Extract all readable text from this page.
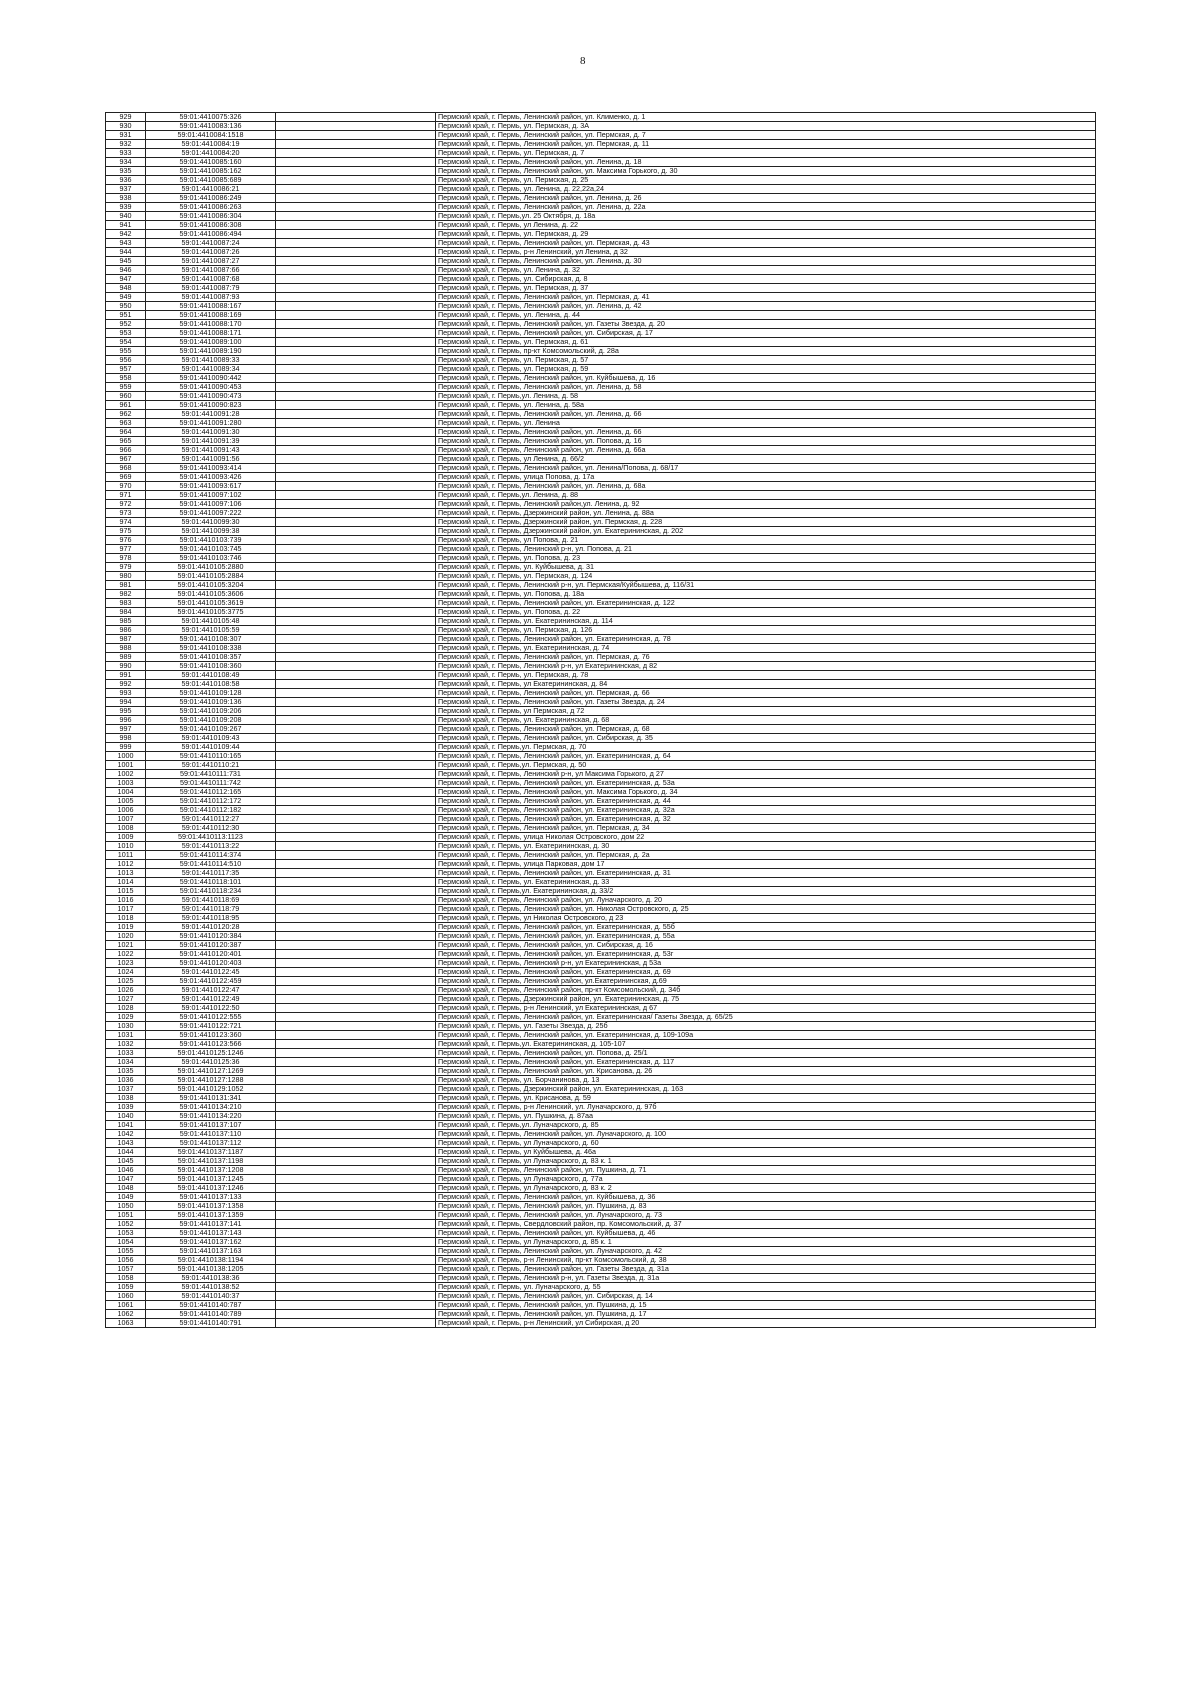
8
929	59:01:4410075:326		Пермский край, г. Пермь, Ленинский район, ул. Клименко, д. 1
930	59:01:4410083:136		Пермский край, г. Пермь, ул. Пермская, д. 3А
931	59:01:4410084:1518		Пермский край, г. Пермь, Ленинский район, ул. Пермская, д. 7
932	59:01:4410084:19		Пермский край, г. Пермь, Ленинский район, ул. Пермская, д. 11
933	59:01:4410084:20		Пермский край, г. Пермь, ул. Пермская, д. 7
934	59:01:4410085:160		Пермский край, г. Пермь, Ленинский район, ул. Ленина, д. 18
935	59:01:4410085:162		Пермский край, г. Пермь, Ленинский район, ул. Максима Горького, д. 30
936	59:01:4410085:689		Пермский край, г. Пермь, ул. Пермская, д. 25
937	59:01:4410086:21		Пермский край, г. Пермь, ул. Ленина, д. 22,22а,24
938	59:01:4410086:249		Пермский край, г. Пермь, Ленинский район, ул. Ленина, д. 26
939	59:01:4410086:263		Пермский край, г. Пермь, Ленинский район, ул. Ленина, д. 22а
940	59:01:4410086:304		Пермский край, г. Пермь,ул. 25 Октября, д. 18а
941	59:01:4410086:308		Пермский край, г. Пермь, ул Ленина, д. 22
942	59:01:4410086:494		Пермский край, г. Пермь, ул. Пермская, д. 29
943	59:01:4410087:24		Пермский край, г. Пермь, Ленинский район, ул. Пермская, д. 43
944	59:01:4410087:26		Пермский край, г. Пермь, р-н Ленинский, ул Ленина, д 32
945	59:01:4410087:27		Пермский край, г. Пермь, Ленинский район, ул. Ленина, д. 30
946	59:01:4410087:66		Пермский край, г. Пермь, ул. Ленина, д. 32
947	59:01:4410087:68		Пермский край, г. Пермь, ул. Сибирская, д. 8
948	59:01:4410087:79		Пермский край, г. Пермь, ул. Пермская, д. 37
949	59:01:4410087:93		Пермский край, г. Пермь, Ленинский район, ул. Пермская, д. 41
950	59:01:4410088:167		Пермский край, г. Пермь, Ленинский район, ул. Ленина, д. 42
951	59:01:4410088:169		Пермский край, г. Пермь, ул. Ленина, д. 44
952	59:01:4410088:170		Пермский край, г. Пермь, Ленинский район, ул. Газеты Звезда, д. 20
953	59:01:4410088:171		Пермский край, г. Пермь, Ленинский район, ул. Сибирская, д. 17
954	59:01:4410089:100		Пермский край, г. Пермь, ул. Пермская, д. 61
955	59:01:4410089:190		Пермский край, г. Пермь, пр-кт Комсомольский, д. 28а
956	59:01:4410089:33		Пермский край, г. Пермь, ул. Пермская, д. 57
957	59:01:4410089:34		Пермский край, г. Пермь, ул. Пермская, д. 59
958	59:01:4410090:442		Пермский край, г. Пермь, Ленинский район, ул. Куйбышева, д. 16
959	59:01:4410090:453		Пермский край, г. Пермь, Ленинский район, ул. Ленина, д. 58
960	59:01:4410090:473		Пермский край, г. Пермь,ул. Ленина, д. 58
961	59:01:4410090:823		Пермский край, г. Пермь, ул. Ленина, д. 58а
962	59:01:4410091:28		Пермский край, г. Пермь, Ленинский район, ул. Ленина, д. 66
963	59:01:4410091:280		Пермский край, г. Пермь, ул. Ленина
964	59:01:4410091:30		Пермский край, г. Пермь, Ленинский район, ул. Ленина, д. 66
965	59:01:4410091:39		Пермский край, г. Пермь, Ленинский район, ул. Попова, д. 16
966	59:01:4410091:43		Пермский край, г. Пермь, Ленинский район, ул. Ленина, д. 66а
967	59:01:4410091:56		Пермский край, г. Пермь, ул Ленина, д. 66/2
968	59:01:4410093:414		Пермский край, г. Пермь, Ленинский район, ул. Ленина/Попова, д. 68/17
969	59:01:4410093:426		Пермский край, г. Пермь, улица Попова, д. 17а
970	59:01:4410093:617		Пермский край, г. Пермь, Ленинский район, ул. Ленина, д. 68а
971	59:01:4410097:102		Пермский край, г. Пермь,ул. Ленина, д. 88
972	59:01:4410097:106		Пермский край, г. Пермь, Ленинский район,ул. Ленина, д. 92
973	59:01:4410097:222		Пермский край, г. Пермь, Дзержинский район, ул. Ленина, д. 88а
974	59:01:4410099:30		Пермский край, г. Пермь, Дзержинский район, ул. Пермская, д. 228
975	59:01:4410099:38		Пермский край, г. Пермь, Дзержинский район, ул. Екатерининская, д. 202
976	59:01:4410103:739		Пермский край, г. Пермь, ул Попова, д. 21
977	59:01:4410103:745		Пермский край, г. Пермь, Ленинский р-н, ул. Попова, д. 21
978	59:01:4410103:746		Пермский край, г. Пермь, ул. Попова, д. 23
979	59:01:4410105:2880		Пермский край, г. Пермь, ул. Куйбышева, д. 31
980	59:01:4410105:2884		Пермский край, г. Пермь, ул. Пермская, д. 124
981	59:01:4410105:3204		Пермский край, г. Пермь, Ленинский р-н, ул. Пермская/Куйбышева, д. 116/31
982	59:01:4410105:3606		Пермский край, г. Пермь, ул. Попова, д. 18а
983	59:01:4410105:3619		Пермский край, г. Пермь, Ленинский район, ул. Екатерининская, д. 122
984	59:01:4410105:3775		Пермский край, г. Пермь, ул. Попова, д. 22
985	59:01:4410105:48		Пермский край, г. Пермь, ул. Екатерининская, д. 114
986	59:01:4410105:59		Пермский край, г. Пермь, ул. Пермская, д. 126
987	59:01:4410108:307		Пермский край, г. Пермь, Ленинский район, ул. Екатерининская, д. 78
988	59:01:4410108:338		Пермский край, г. Пермь, ул. Екатерининская, д. 74
989	59:01:4410108:357		Пермский край, г. Пермь, Ленинский район, ул. Пермская, д. 76
990	59:01:4410108:360		Пермский край, г. Пермь, Ленинский р-н, ул Екатерининская, д 82
991	59:01:4410108:49		Пермский край, г. Пермь, ул. Пермская, д. 78
992	59:01:4410108:58		Пермский край, г. Пермь, ул Екатерининская, д. 84
993	59:01:4410109:128		Пермский край, г. Пермь, Ленинский район, ул. Пермская, д. 66
994	59:01:4410109:136		Пермский край, г. Пермь, Ленинский район, ул. Газеты Звезда, д. 24
995	59:01:4410109:206		Пермский край, г. Пермь, ул Пермская, д 72
996	59:01:4410109:208		Пермский край, г. Пермь, ул. Екатерининская, д. 68
997	59:01:4410109:267		Пермский край, г. Пермь, Ленинский район, ул. Пермская, д. 68
998	59:01:4410109:43		Пермский край, г. Пермь, Ленинский район, ул. Сибирская, д. 35
999	59:01:4410109:44		Пермский край, г. Пермь,ул. Пермская, д. 70
1000	59:01:4410110:165		Пермский край, г. Пермь, Ленинский район, ул. Екатерининская, д. 64
1001	59:01:4410110:21		Пермский край, г. Пермь,ул. Пермская, д. 50
1002	59:01:4410111:731		Пермский край, г. Пермь, Ленинский р-н, ул Максима Горького, д 27
1003	59:01:4410111:742		Пермский край, г. Пермь, Ленинский район, ул. Екатерининская, д. 53а
1004	59:01:4410112:165		Пермский край, г. Пермь, Ленинский район, ул. Максима Горького, д. 34
1005	59:01:4410112:172		Пермский край, г. Пермь, Ленинский район, ул. Екатерининская, д. 44
1006	59:01:4410112:182		Пермский край, г. Пермь, Ленинский район, ул. Екатерининская, д. 32а
1007	59:01:4410112:27		Пермский край, г. Пермь, Ленинский район, ул. Екатерининская, д. 32
1008	59:01:4410112:30		Пермский край, г. Пермь, Ленинский район, ул. Пермская, д. 34
1009	59:01:4410113:1123		Пермский край, г. Пермь, улица Николая Островского, дом 22
1010	59:01:4410113:22		Пермский край, г. Пермь, ул. Екатерининская, д. 30
1011	59:01:4410114:374		Пермский край, г. Пермь, Ленинский район, ул. Пермская, д. 2а
1012	59:01:4410114:510		Пермский край, г. Пермь, улица Парковая, дом 17
1013	59:01:4410117:35		Пермский край, г. Пермь, Ленинский район, ул. Екатерининская, д. 31
1014	59:01:4410118:101		Пермский край, г. Пермь, ул. Екатерининская, д. 33
1015	59:01:4410118:234		Пермский край, г. Пермь,ул. Екатерининская, д. 33/2
1016	59:01:4410118:69		Пермский край, г. Пермь, Ленинский район, ул. Луначарского, д. 20
1017	59:01:4410118:79		Пермский край, г. Пермь, Ленинский район, ул. Николая Островского, д. 25
1018	59:01:4410118:95		Пермский край, г. Пермь, ул Николая Островского, д 23
1019	59:01:4410120:28		Пермский край, г. Пермь, Ленинский район, ул. Екатерининская, д. 55б
1020	59:01:4410120:384		Пермский край, г. Пермь, Ленинский район, ул. Екатерининская, д. 55а
1021	59:01:4410120:387		Пермский край, г. Пермь, Ленинский район, ул. Сибирская, д. 16
1022	59:01:4410120:401		Пермский край, г. Пермь, Ленинский район, ул. Екатерининская, д. 53г
1023	59:01:4410120:403		Пермский край, г. Пермь, Ленинский р-н, ул Екатерининская, д 53а
1024	59:01:4410122:45		Пермский край, г. Пермь, Ленинский район, ул. Екатерининская, д. 69
1025	59:01:4410122:459		Пермский край, г. Пермь, Ленинский район, ул.Екатерининская, д.69
1026	59:01:4410122:47		Пермский край, г. Пермь, Ленинский район, пр-кт Комсомольский, д. 34б
1027	59:01:4410122:49		Пермский край, г. Пермь, Дзержинский район, ул. Екатерининская, д. 75
1028	59:01:4410122:50		Пермский край, г. Пермь, р-н Ленинский, ул Екатерининская, д 67
1029	59:01:4410122:555		Пермский край, г. Пермь, Ленинский район, ул. Екатерининская/ Газеты Звезда, д. 65/25
1030	59:01:4410122:721		Пермский край, г. Пермь, ул. Газеты Звезда, д. 25б
1031	59:01:4410123:360		Пермский край, г. Пермь, Ленинский район, ул. Екатерининская, д. 109-109а
1032	59:01:4410123:566		Пермский край, г. Пермь,ул. Екатерининская, д. 105-107
1033	59:01:4410125:1246		Пермский край, г. Пермь, Ленинский район, ул. Попова, д. 25/1
1034	59:01:4410125:36		Пермский край, г. Пермь, Ленинский район, ул. Екатерининская, д. 117
1035	59:01:4410127:1269		Пермский край, г. Пермь, Ленинский район, ул. Крисанова, д. 26
1036	59:01:4410127:1288		Пермский край, г. Пермь, ул. Борчанинова, д. 13
1037	59:01:4410129:1052		Пермский край, г. Пермь, Дзержинский район, ул. Екатерининская, д. 163
1038	59:01:4410131:341		Пермский край, г. Пермь, ул. Крисанова, д. 59
1039	59:01:4410134:210		Пермский край, г. Пермь, р-н Ленинский, ул. Луначарского, д. 97б
1040	59:01:4410134:220		Пермский край, г. Пермь, ул. Пушкина, д. 87аа
1041	59:01:4410137:107		Пермский край, г. Пермь,ул. Луначарского, д. 85
1042	59:01:4410137:110		Пермский край, г. Пермь, Ленинский район, ул. Луначарского, д. 100
1043	59:01:4410137:112		Пермский край, г. Пермь, ул Луначарского, д. 60
1044	59:01:4410137:1187		Пермский край, г. Пермь, ул Куйбышева, д. 46а
1045	59:01:4410137:1198		Пермский край, г. Пермь, ул Луначарского, д. 83 к. 1
1046	59:01:4410137:1208		Пермский край, г. Пермь, Ленинский район, ул. Пушкина, д. 71
1047	59:01:4410137:1245		Пермский край, г. Пермь, ул Луначарского, д. 77а
1048	59:01:4410137:1246		Пермский край, г. Пермь, ул Луначарского, д. 83 к. 2
1049	59:01:4410137:133		Пермский край, г. Пермь, Ленинский район, ул. Куйбышева, д. 36
1050	59:01:4410137:1358		Пермский край, г. Пермь, Ленинский район, ул. Пушкина, д. 83
1051	59:01:4410137:1359		Пермский край, г. Пермь, Ленинский район, ул. Луначарского, д. 73
1052	59:01:4410137:141		Пермский край, г. Пермь, Свердловский район, пр. Комсомольский, д. 37
1053	59:01:4410137:143		Пермский край, г. Пермь, Ленинский район, ул. Куйбышева, д. 46
1054	59:01:4410137:162		Пермский край, г. Пермь, ул Луначарского, д. 85 к. 1
1055	59:01:4410137:163		Пермский край, г. Пермь, Ленинский район, ул. Луначарского, д. 42
1056	59:01:4410138:1194		Пермский край, г. Пермь, р-н Ленинский, пр-кт Комсомольский, д. 38
1057	59:01:4410138:1205		Пермский край, г. Пермь, Ленинский район, ул. Газеты Звезда, д. 31а
1058	59:01:4410138:36		Пермский край, г. Пермь, Ленинский р-н, ул. Газеты Звезда, д. 31а
1059	59:01:4410138:52		Пермский край, г. Пермь, ул. Луначарского, д. 55
1060	59:01:4410140:37		Пермский край, г. Пермь, Ленинский район, ул. Сибирская, д. 14
1061	59:01:4410140:787		Пермский край, г. Пермь, Ленинский район, ул. Пушкина, д. 15
1062	59:01:4410140:789		Пермский край, г. Пермь, Ленинский район, ул. Пушкина, д. 17
1063	59:01:4410140:791		Пермский край, г. Пермь, р-н Ленинский, ул Сибирская, д 20
